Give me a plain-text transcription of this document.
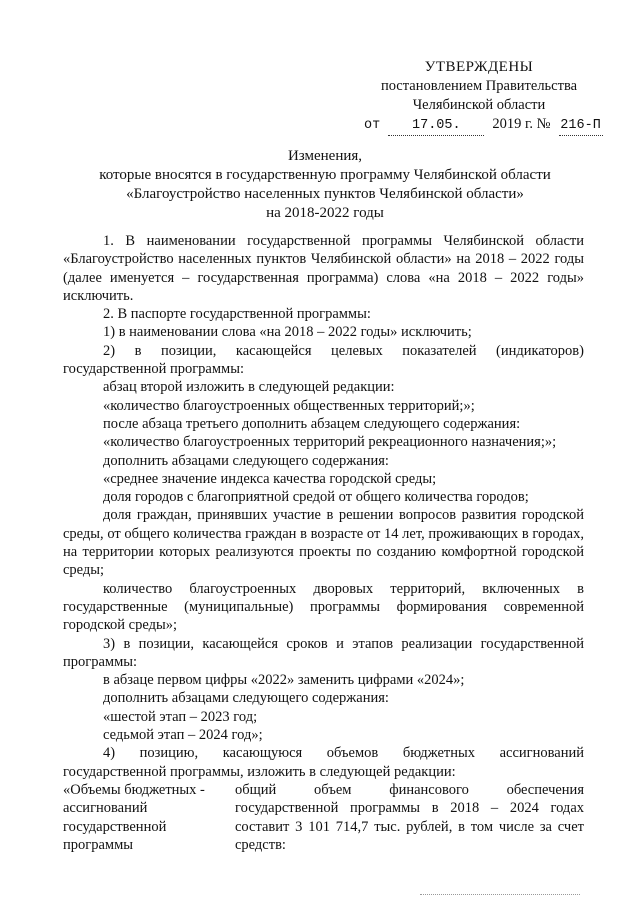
УТВЕРЖДЕНЫ
постановлением Правительства
Челябинской области
от 17.05. 2019 г. № 216-П
Изменения,
которые вносятся в государственную программу Челябинской области
«Благоустройство населенных пунктов Челябинской области»
на 2018-2022 годы

1. В наименовании государственной программы Челябинской области «Благоустройство населенных пунктов Челябинской области» на 2018 – 2022 годы (далее именуется – государственная программа) слова «на 2018 – 2022 годы» исключить.

2. В паспорте государственной программы:

1) в наименовании слова «на 2018 – 2022 годы» исключить;

2) в позиции, касающейся целевых показателей (индикаторов) государственной программы:

абзац второй изложить в следующей редакции:

«количество благоустроенных общественных территорий;»;

после абзаца третьего дополнить абзацем следующего содержания:

«количество благоустроенных территорий рекреационного назначения;»;

дополнить абзацами следующего содержания:

«среднее значение индекса качества городской среды;

доля городов с благоприятной средой от общего количества городов;

доля граждан, принявших участие в решении вопросов развития городской среды, от общего количества граждан в возрасте от 14 лет, проживающих в городах, на территории которых реализуются проекты по созданию комфортной городской среды;

количество благоустроенных дворовых территорий, включенных в государственные (муниципальные) программы формирования современной городской среды»;

3) в позиции, касающейся сроков и этапов реализации государственной программы:

в абзаце первом цифры «2022» заменить цифрами «2024»;

дополнить абзацами следующего содержания:

«шестой этап – 2023 год;

седьмой этап – 2024 год»;

4) позицию, касающуюся объемов бюджетных ассигнований государственной программы, изложить в следующей редакции:

«Объемы бюджетных -
ассигнований
государственной
программы
общий объем финансового обеспечения государственной программы в 2018 – 2024 годах составит 3 101 714,7 тыс. рублей, в том числе за счет средств:
